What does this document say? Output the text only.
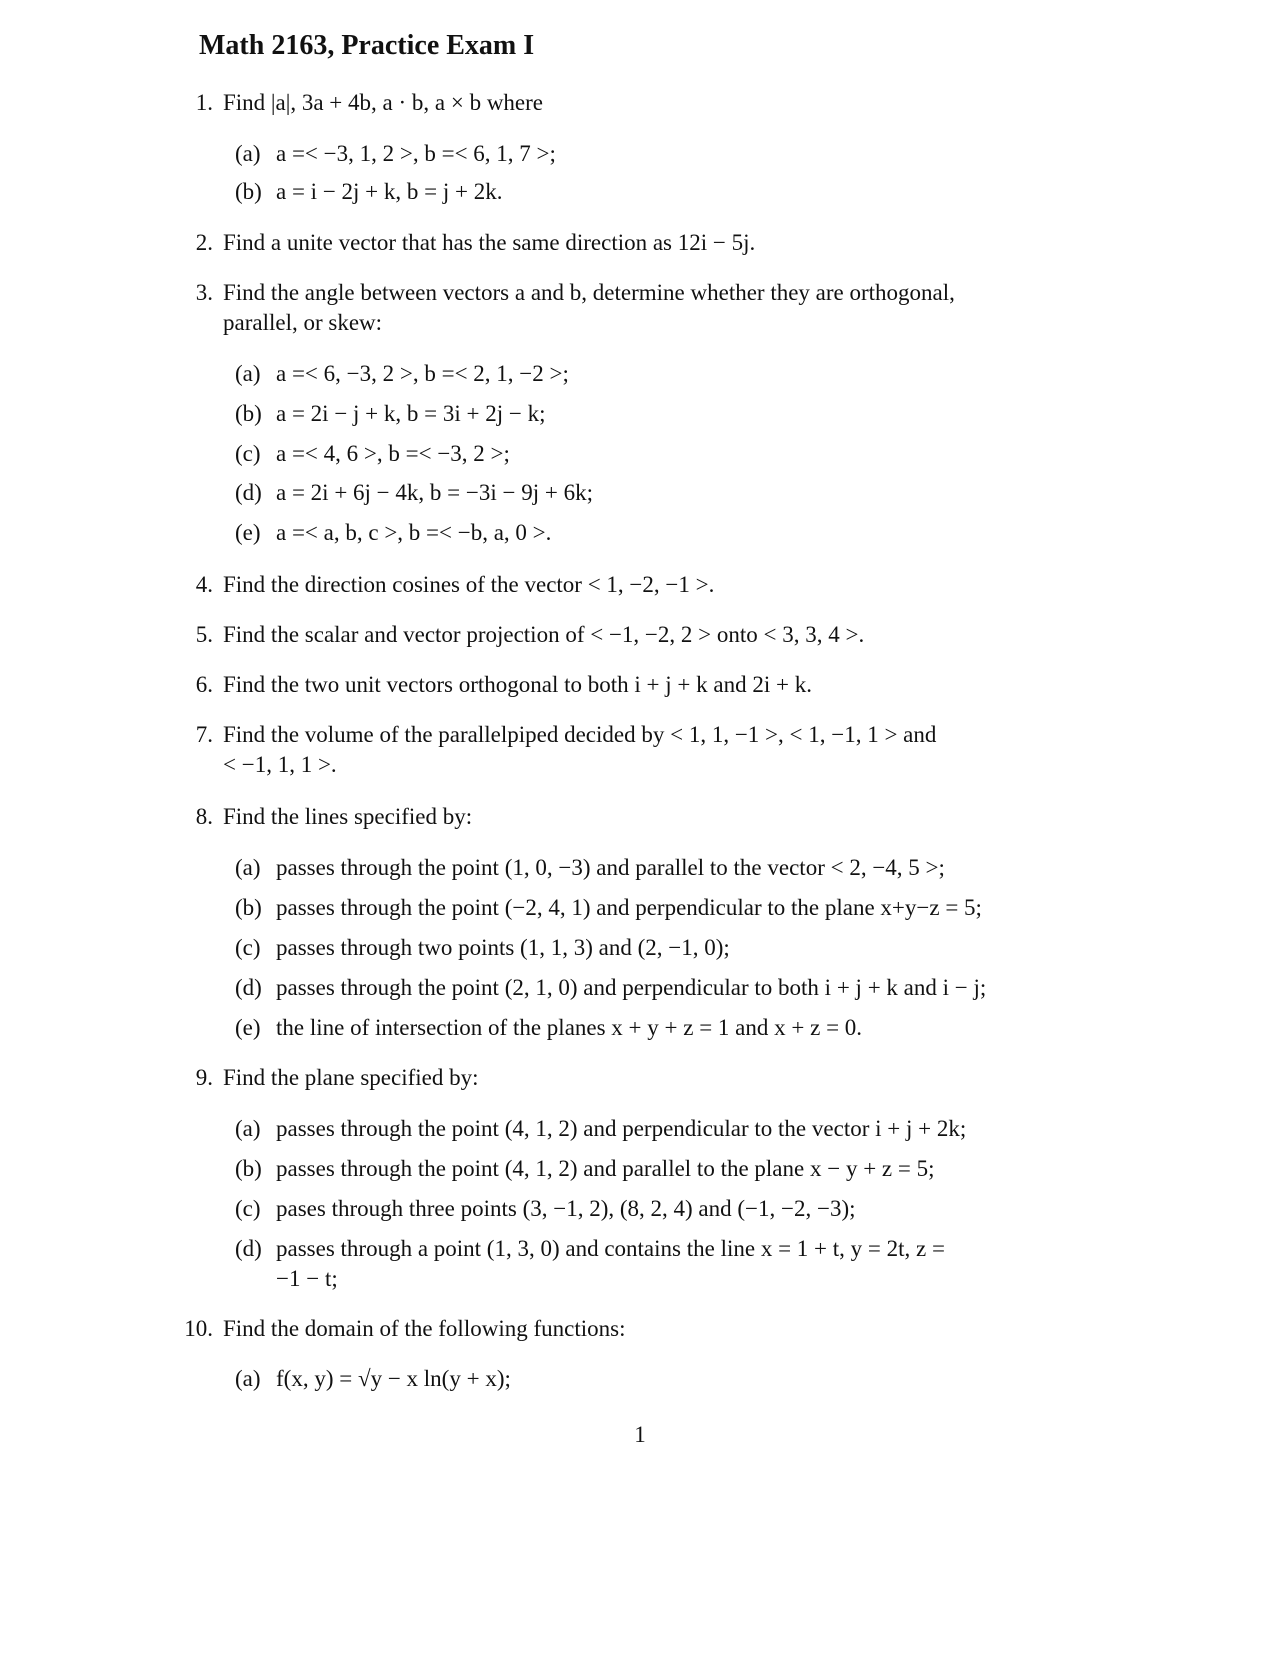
Math 2163, Practice Exam I
1. Find |a|, 3a + 4b, a · b, a × b where
(a) a =< −3, 1, 2 >, b =< 6, 1, 7 >;
(b) a = i − 2j + k, b = j + 2k.
2. Find a unite vector that has the same direction as 12i − 5j.
3. Find the angle between vectors a and b, determine whether they are orthogonal,
parallel, or skew:
(a) a =< 6, −3, 2 >, b =< 2, 1, −2 >;
(b) a = 2i − j + k, b = 3i + 2j − k;
(c) a =< 4, 6 >, b =< −3, 2 >;
(d) a = 2i + 6j − 4k, b = −3i − 9j + 6k;
(e) a =< a, b, c >, b =< −b, a, 0 >.
4. Find the direction cosines of the vector < 1, −2, −1 >.
5. Find the scalar and vector projection of < −1, −2, 2 > onto < 3, 3, 4 >.
6. Find the two unit vectors orthogonal to both i + j + k and 2i + k.
7. Find the volume of the parallelpiped decided by < 1, 1, −1 >, < 1, −1, 1 > and
< −1, 1, 1 >.
8. Find the lines specified by:
(a) passes through the point (1, 0, −3) and parallel to the vector < 2, −4, 5 >;
(b) passes through the point (−2, 4, 1) and perpendicular to the plane x+y−z = 5;
(c) passes through two points (1, 1, 3) and (2, −1, 0);
(d) passes through the point (2, 1, 0) and perpendicular to both i + j + k and i − j;
(e) the line of intersection of the planes x + y + z = 1 and x + z = 0.
9. Find the plane specified by:
(a) passes through the point (4, 1, 2) and perpendicular to the vector i + j + 2k;
(b) passes through the point (4, 1, 2) and parallel to the plane x − y + z = 5;
(c) pases through three points (3, −1, 2), (8, 2, 4) and (−1, −2, −3);
(d) passes through a point (1, 3, 0) and contains the line x = 1 + t, y = 2t, z =
−1 − t;
10. Find the domain of the following functions:
(a) f(x, y) = √y − x ln(y + x);
1
